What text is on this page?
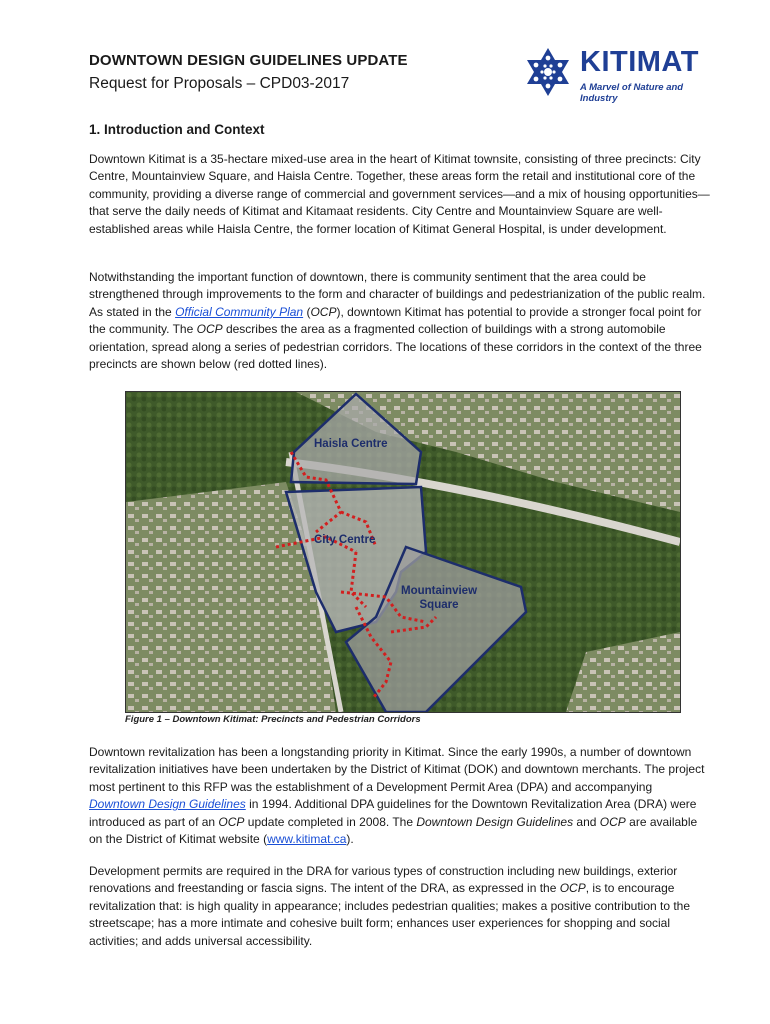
DOWNTOWN DESIGN GUIDELINES UPDATE
Request for Proposals – CPD03-2017
KITIMAT
A Marvel of Nature and Industry
1. Introduction and Context
Downtown Kitimat is a 35-hectare mixed-use area in the heart of Kitimat townsite, consisting of three precincts: City Centre, Mountainview Square, and Haisla Centre. Together, these areas form the retail and institutional core of the community, providing a diverse range of commercial and government services—and a mix of housing opportunities—that serve the daily needs of Kitimat and Kitamaat residents. City Centre and Mountainview Square are well-established areas while Haisla Centre, the former location of Kitimat General Hospital, is under development.
Notwithstanding the important function of downtown, there is community sentiment that the area could be strengthened through improvements to the form and character of buildings and pedestrianization of the public realm. As stated in the Official Community Plan (OCP), downtown Kitimat has potential to provide a stronger focal point for the community. The OCP describes the area as a fragmented collection of buildings with a strong automobile orientation, spread along a series of pedestrian corridors. The locations of these corridors in the context of the three precincts are shown below (red dotted lines).
Haisla Centre
City Centre
Mountainview
Square
Figure 1 – Downtown Kitimat: Precincts and Pedestrian Corridors
Downtown revitalization has been a longstanding priority in Kitimat. Since the early 1990s, a number of downtown revitalization initiatives have been undertaken by the District of Kitimat (DOK) and downtown merchants. The project most pertinent to this RFP was the establishment of a Development Permit Area (DPA) and accompanying Downtown Design Guidelines in 1994. Additional DPA guidelines for the Downtown Revitalization Area (DRA) were introduced as part of an OCP update completed in 2008. The Downtown Design Guidelines and OCP are available on the District of Kitimat website (www.kitimat.ca).
Development permits are required in the DRA for various types of construction including new buildings, exterior renovations and freestanding or fascia signs. The intent of the DRA, as expressed in the OCP, is to encourage revitalization that: is high quality in appearance; includes pedestrian qualities; makes a positive contribution to the streetscape; has a more intimate and cohesive built form; enhances user experiences for shopping and social activities; and adds universal accessibility.
